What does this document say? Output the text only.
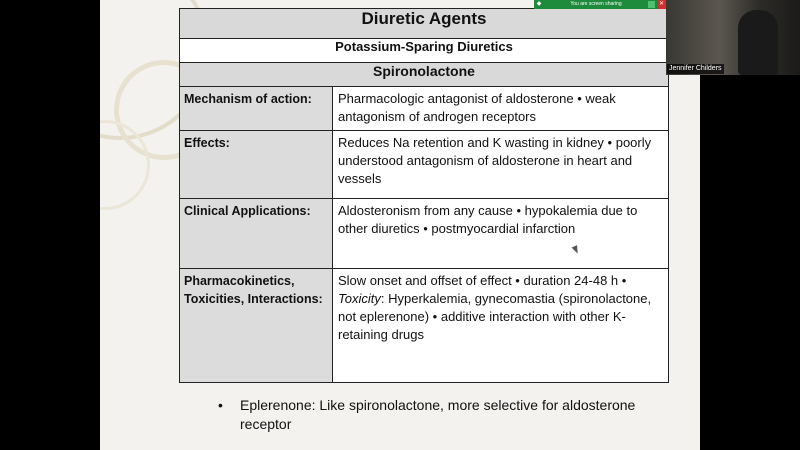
Diuretic Agents	
Potassium-Sparing Diuretics	
Spironolactone	
Mechanism of action:	Pharmacologic antagonist of aldosterone • weak antagonism of androgen receptors
Effects:	Reduces Na retention and K wasting in kidney • poorly understood antagonism of aldosterone in heart and vessels
Clinical Applications:	Aldosteronism from any cause • hypokalemia due to other diuretics • postmyocardial infarction
Pharmacokinetics, Toxicities, Interactions:	Slow onset and offset of effect • duration 24-48 h •
Toxicity: Hyperkalemia, gynecomastia (spironolactone, not eplerenone) • additive interaction with other K-retaining drugs
•	Eplerenone: Like spironolactone, more selective for aldosterone receptor
◆	You are screen sharing	✕
Jennifer Childers
